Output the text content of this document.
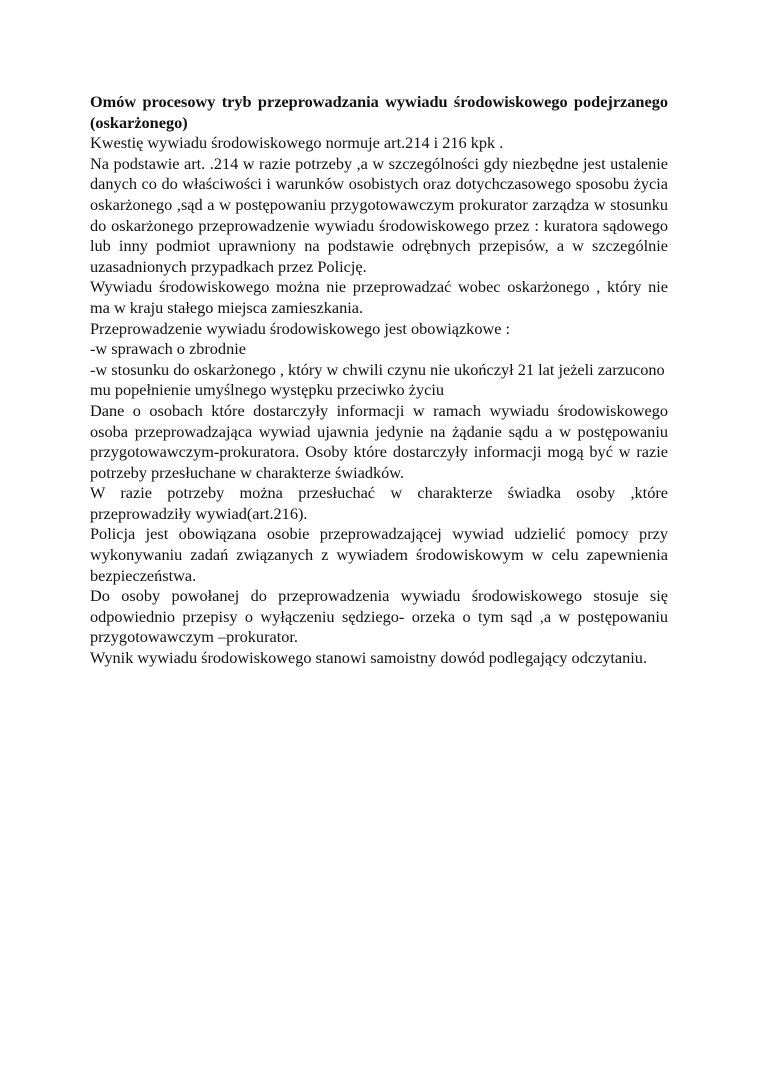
Omów procesowy tryb przeprowadzania wywiadu środowiskowego podejrzanego (oskarżonego)

Kwestię wywiadu środowiskowego normuje art.214 i 216 kpk .

Na podstawie art. .214 w razie potrzeby ,a w szczególności gdy niezbędne jest ustalenie danych co do właściwości i warunków osobistych oraz dotychczasowego sposobu życia oskarżonego ,sąd a w postępowaniu przygotowawczym prokurator zarządza w stosunku do oskarżonego przeprowadzenie wywiadu środowiskowego przez : kuratora sądowego lub inny podmiot uprawniony na podstawie odrębnych przepisów, a w szczególnie uzasadnionych przypadkach przez Policję.

Wywiadu środowiskowego można nie przeprowadzać wobec oskarżonego , który nie ma w kraju stałego miejsca zamieszkania.

Przeprowadzenie wywiadu środowiskowego jest obowiązkowe :

-w sprawach o zbrodnie

-w stosunku do oskarżonego , który w chwili czynu nie ukończył 21 lat jeżeli zarzucono mu popełnienie umyślnego występku przeciwko życiu

Dane o osobach które dostarczyły informacji w ramach wywiadu środowiskowego osoba przeprowadzająca wywiad ujawnia jedynie na żądanie sądu a w postępowaniu przygotowawczym-prokuratora. Osoby które dostarczyły informacji mogą być w razie potrzeby przesłuchane w charakterze świadków.

W razie potrzeby można przesłuchać w charakterze świadka osoby ,które przeprowadziły wywiad(art.216).

Policja jest obowiązana osobie przeprowadzającej wywiad udzielić pomocy przy wykonywaniu zadań związanych z wywiadem środowiskowym w celu zapewnienia bezpieczeństwa.

Do osoby powołanej do przeprowadzenia wywiadu środowiskowego stosuje się odpowiednio przepisy o wyłączeniu sędziego- orzeka o tym sąd ,a w postępowaniu przygotowawczym –prokurator.

Wynik wywiadu środowiskowego stanowi samoistny dowód podlegający odczytaniu.
